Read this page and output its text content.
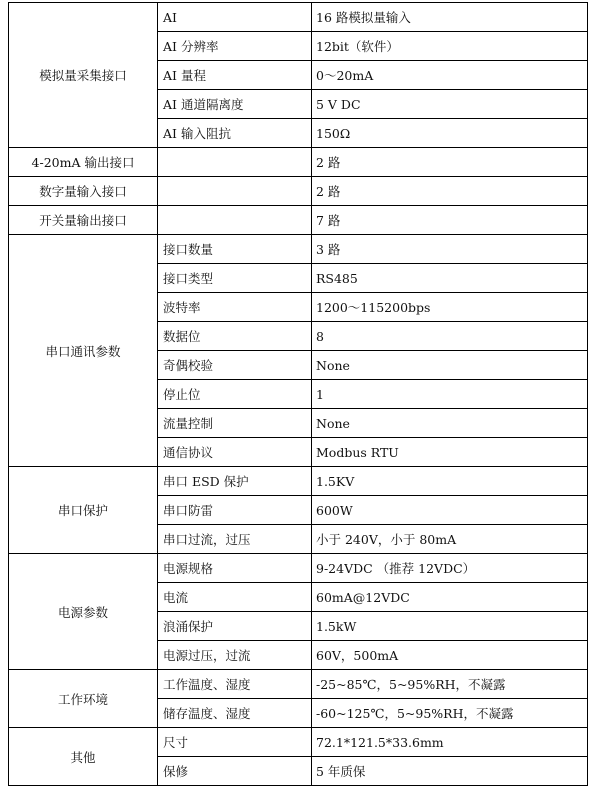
模拟量采集接口	AI	16 路模拟量输入
	AI 分辨率	12bit（软件）
	AI 量程	0～20mA
	AI 通道隔离度	5 V DC
	AI 输入阻抗	150Ω
4-20mA 输出接口		2 路
数字量输入接口		2 路
开关量输出接口		7 路
串口通讯参数	接口数量	3 路
	接口类型	RS485
	波特率	1200～115200bps
	数据位	8
	奇偶校验	None
	停止位	1
	流量控制	None
	通信协议	Modbus RTU
串口保护	串口 ESD 保护	1.5KV
	串口防雷	600W
	串口过流，过压	小于 240V，小于 80mA
电源参数	电源规格	9-24VDC （推荐 12VDC）
	电流	60mA@12VDC
	浪涌保护	1.5kW
	电源过压，过流	60V，500mA
工作环境	工作温度、湿度	-25~85℃，5~95%RH，不凝露
	储存温度、湿度	-60~125℃，5~95%RH，不凝露
其他	尺寸	72.1*121.5*33.6mm
	保修	5 年质保
